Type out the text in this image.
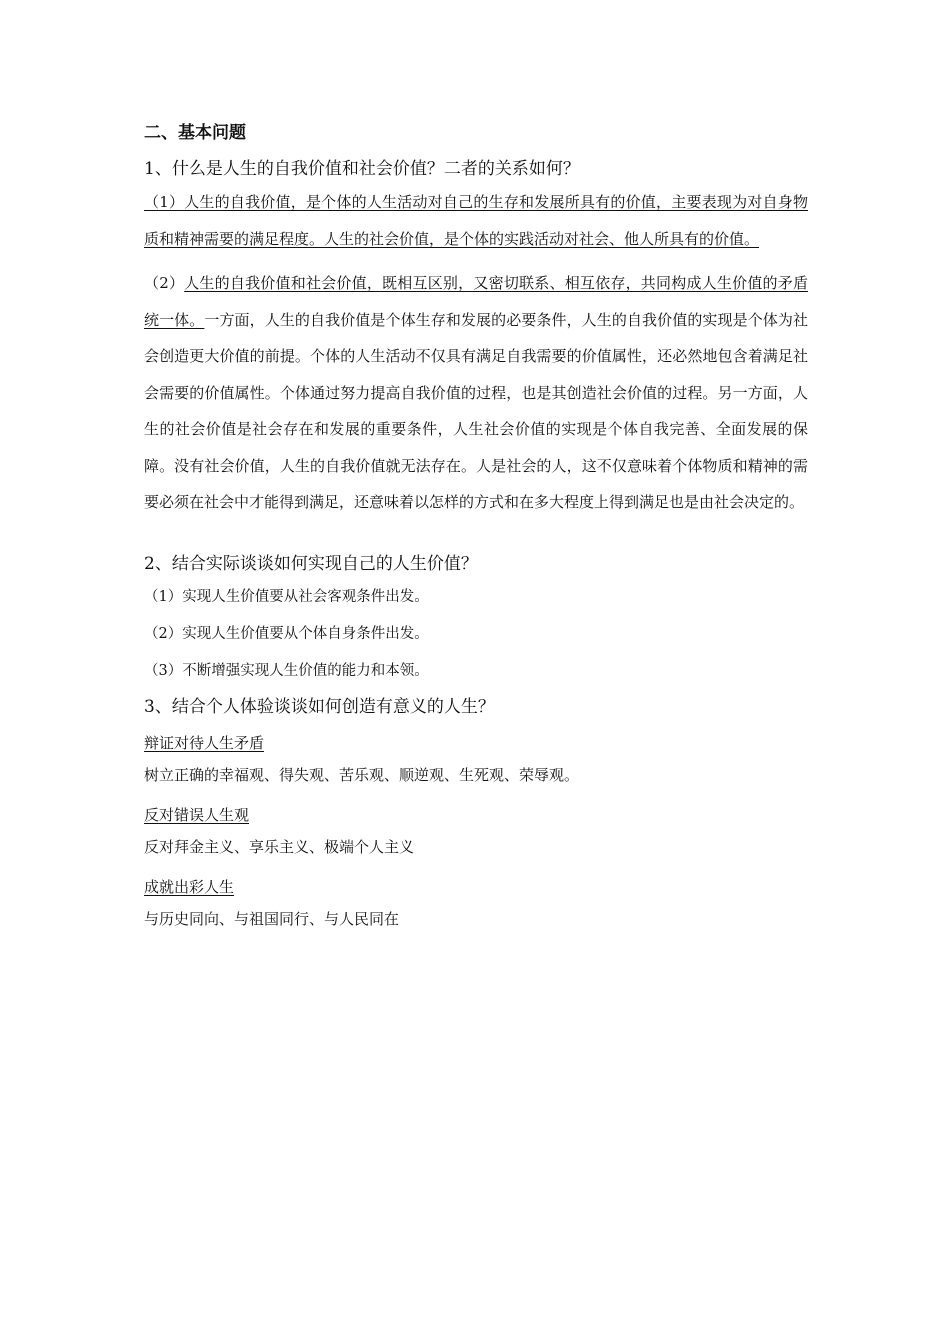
二、基本问题
1、什么是人生的自我价值和社会价值？二者的关系如何？

（1）人生的自我价值，是个体的人生活动对自己的生存和发展所具有的价值，主要表现为对自身物质和精神需要的满足程度。人生的社会价值，是个体的实践活动对社会、他人所具有的价值。

（2）人生的自我价值和社会价值，既相互区别，又密切联系、相互依存，共同构成人生价值的矛盾统一体。一方面，人生的自我价值是个体生存和发展的必要条件，人生的自我价值的实现是个体为社会创造更大价值的前提。个体的人生活动不仅具有满足自我需要的价值属性，还必然地包含着满足社会需要的价值属性。个体通过努力提高自我价值的过程，也是其创造社会价值的过程。另一方面，人生的社会价值是社会存在和发展的重要条件，人生社会价值的实现是个体自我完善、全面发展的保障。没有社会价值，人生的自我价值就无法存在。人是社会的人，这不仅意味着个体物质和精神的需要必须在社会中才能得到满足，还意味着以怎样的方式和在多大程度上得到满足也是由社会决定的。

2、结合实际谈谈如何实现自己的人生价值？
（1）实现人生价值要从社会客观条件出发。
（2）实现人生价值要从个体自身条件出发。
（3）不断增强实现人生价值的能力和本领。
3、结合个人体验谈谈如何创造有意义的人生？
辩证对待人生矛盾
树立正确的幸福观、得失观、苦乐观、顺逆观、生死观、荣辱观。
反对错误人生观
反对拜金主义、享乐主义、极端个人主义
成就出彩人生
与历史同向、与祖国同行、与人民同在
